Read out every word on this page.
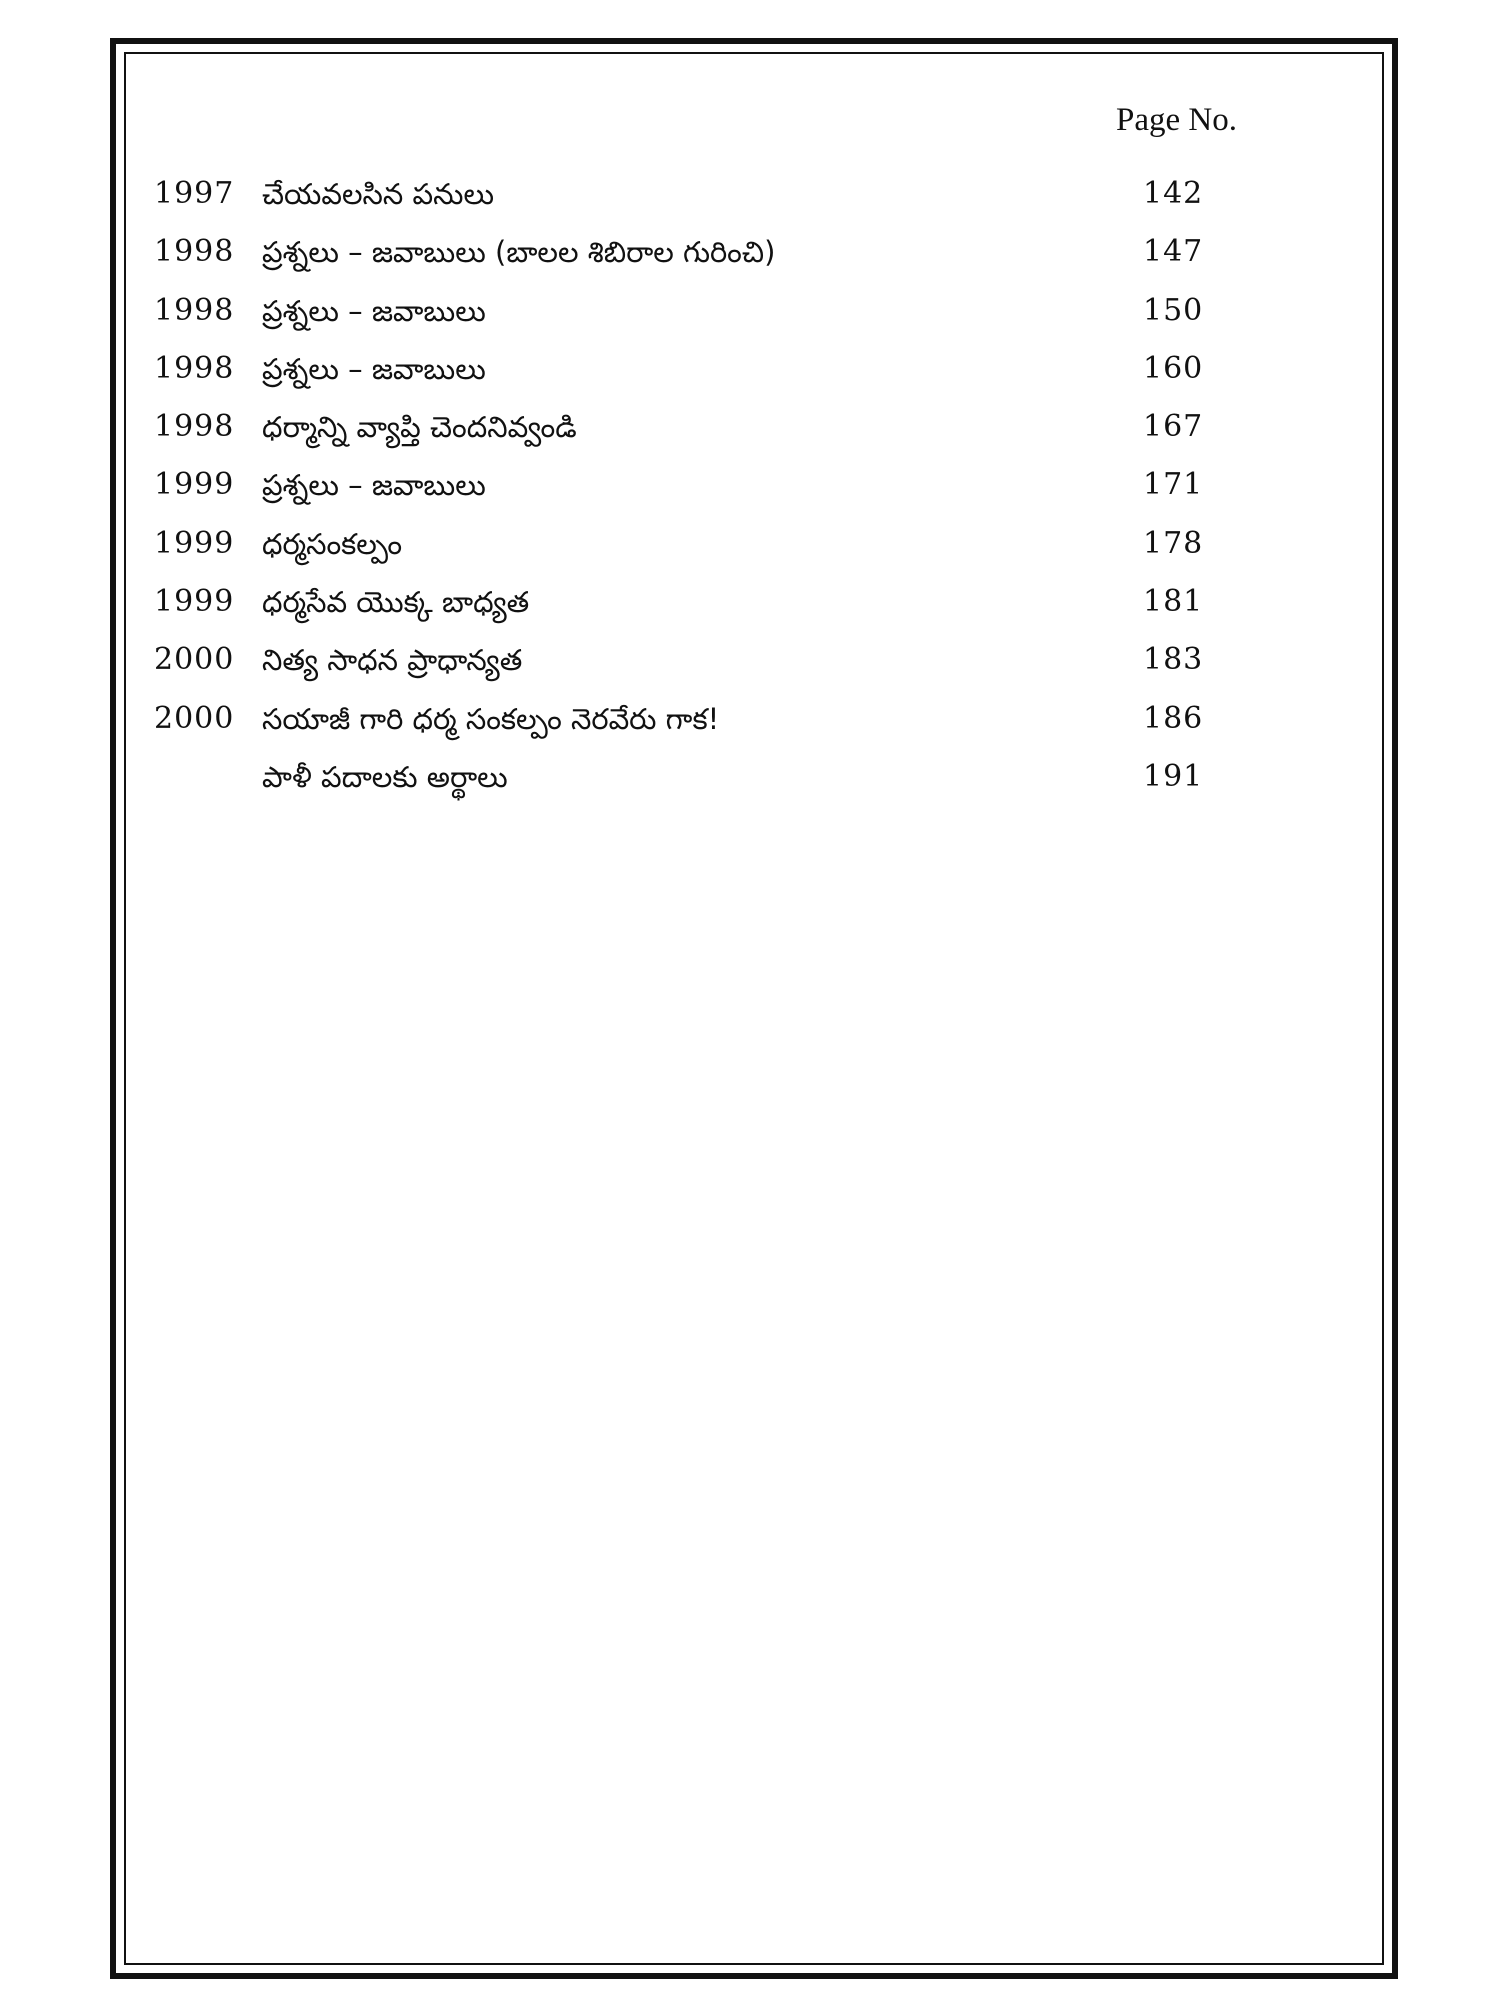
Page No.
1997 చేయవలసిన పనులు	142
1998 ప్రశ్నలు – జవాబులు (బాలల శిబిరాల గురించి)	147
1998 ప్రశ్నలు – జవాబులు	150
1998 ప్రశ్నలు – జవాబులు	160
1998 ధర్మాన్ని వ్యాప్తి చెందనివ్వండి	167
1999 ప్రశ్నలు – జవాబులు	171
1999 ధర్మసంకల్పం	178
1999 ధర్మసేవ యొక్క బాధ్యత	181
2000 నిత్య సాధన ప్రాధాన్యత	183
2000 సయాజీ గారి ధర్మ సంకల్పం నెరవేరు గాక!	186
పాళీ పదాలకు అర్థాలు	191
